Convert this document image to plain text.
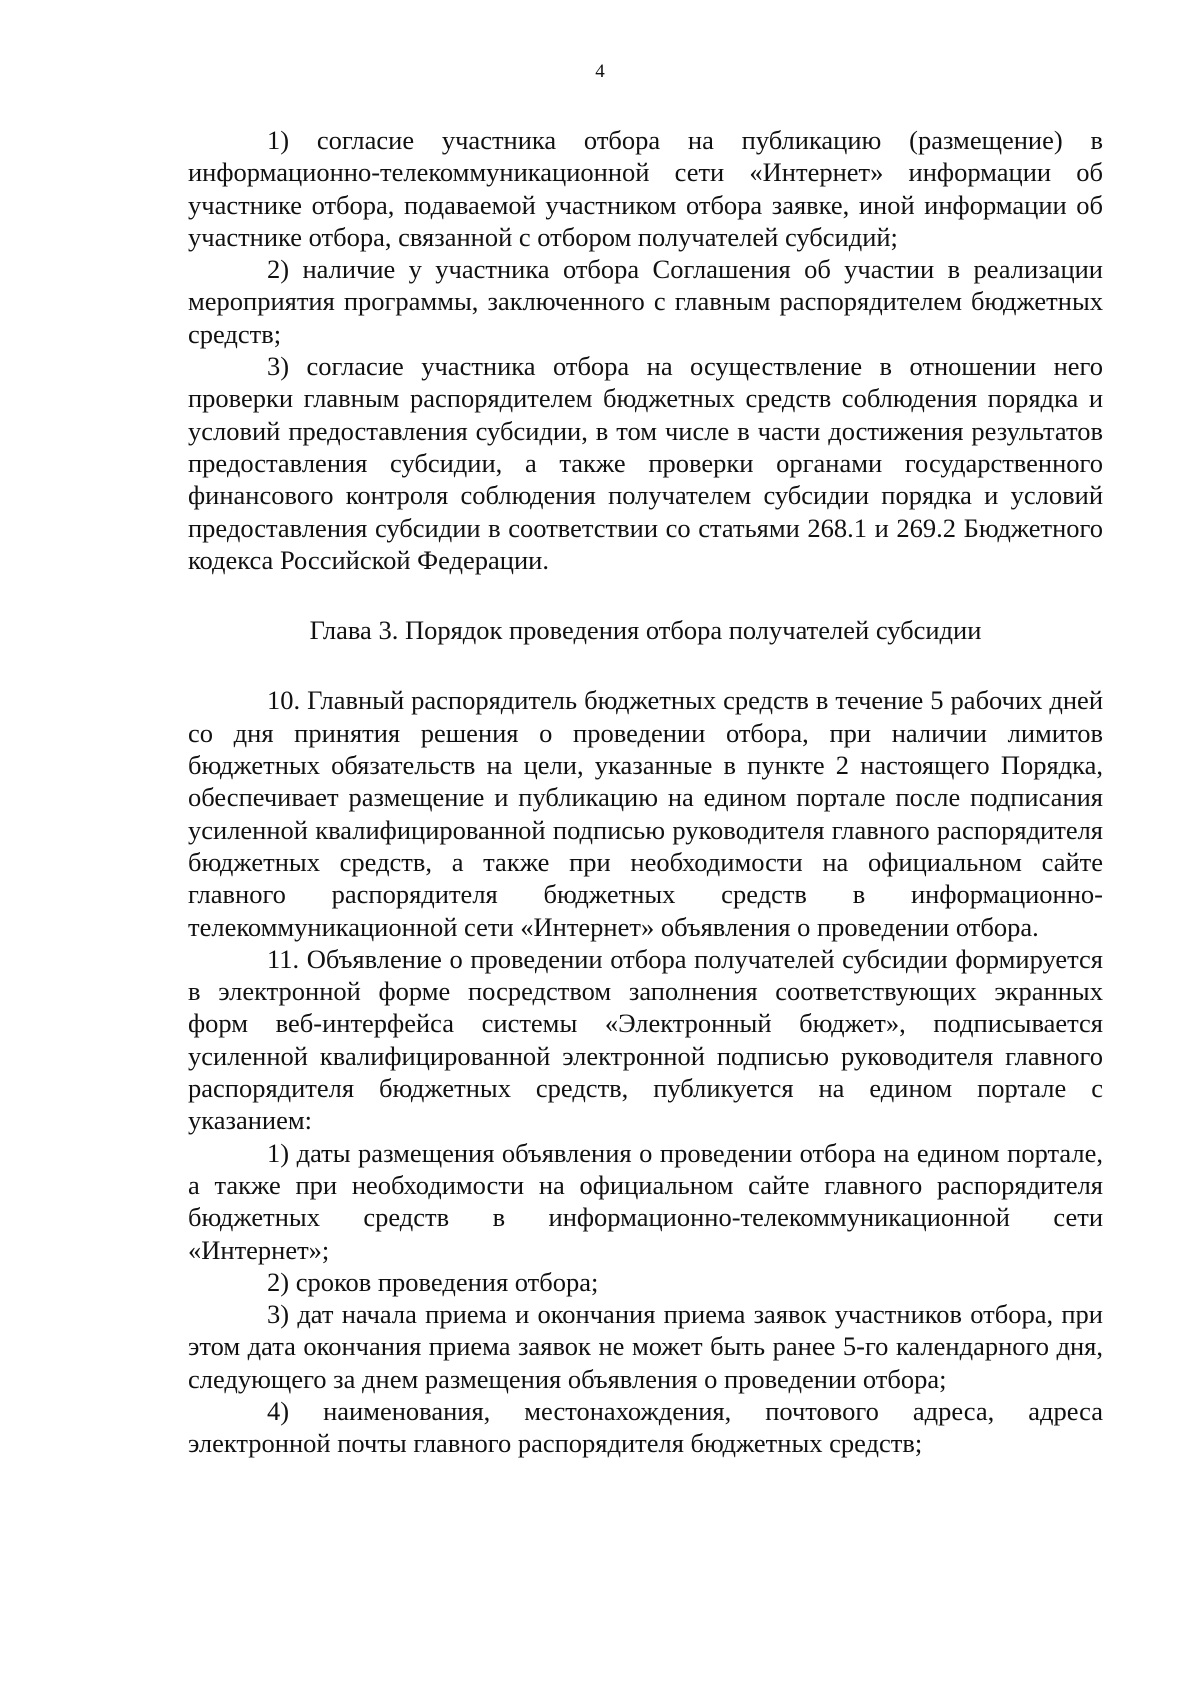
4

1) согласие участника отбора на публикацию (размещение) в информационно-телекоммуникационной сети «Интернет» информации об участнике отбора, подаваемой участником отбора заявке, иной информации об участнике отбора, связанной с отбором получателей субсидий;

2) наличие у участника отбора Соглашения об участии в реализации мероприятия программы, заключенного с главным распорядителем бюджетных средств;

3) согласие участника отбора на осуществление в отношении него проверки главным распорядителем бюджетных средств соблюдения порядка и условий предоставления субсидии, в том числе в части достижения результатов предоставления субсидии, а также проверки органами государственного финансового контроля соблюдения получателем субсидии порядка и условий предоставления субсидии в соответствии со статьями 268.1 и 269.2 Бюджетного кодекса Российской Федерации.

Глава 3. Порядок проведения отбора получателей субсидии

10. Главный распорядитель бюджетных средств в течение 5 рабочих дней со дня принятия решения о проведении отбора, при наличии лимитов бюджетных обязательств на цели, указанные в пункте 2 настоящего Порядка, обеспечивает размещение и публикацию на едином портале после подписания усиленной квалифицированной подписью руководителя главного распорядителя бюджетных средств, а также при необходимости на официальном сайте главного распорядителя бюджетных средств в информационно-телекоммуникационной сети «Интернет» объявления о проведении отбора.

11. Объявление о проведении отбора получателей субсидии формируется в электронной форме посредством заполнения соответствующих экранных форм веб-интерфейса системы «Электронный бюджет», подписывается усиленной квалифицированной электронной подписью руководителя главного распорядителя бюджетных средств, публикуется на едином портале с указанием:

1) даты размещения объявления о проведении отбора на едином портале, а также при необходимости на официальном сайте главного распорядителя бюджетных средств в информационно-телекоммуникационной сети «Интернет»;

2) сроков проведения отбора;

3) дат начала приема и окончания приема заявок участников отбора, при этом дата окончания приема заявок не может быть ранее 5-го календарного дня, следующего за днем размещения объявления о проведении отбора;

4) наименования, местонахождения, почтового адреса, адреса электронной почты главного распорядителя бюджетных средств;
